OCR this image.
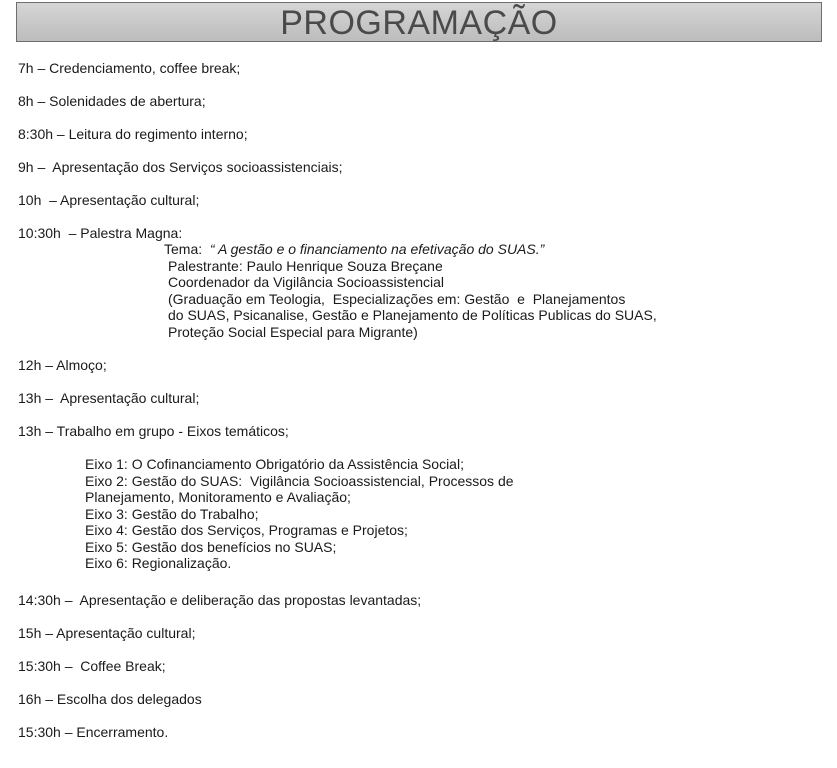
PROGRAMAÇÃO
7h – Credenciamento, coffee break;
8h – Solenidades de abertura;
8:30h – Leitura do regimento interno;
9h –  Apresentação dos Serviços socioassistenciais;
10h  – Apresentação cultural;
10:30h  – Palestra Magna:
Tema:  “ A gestão e o financiamento na efetivação do SUAS.”
Palestrante: Paulo Henrique Souza Breçane
Coordenador da Vigilância Socioassistencial
(Graduação em Teologia,  Especializações em: Gestão  e  Planejamentos
do SUAS, Psicanalise, Gestão e Planejamento de Políticas Publicas do SUAS,
Proteção Social Especial para Migrante)
12h – Almoço;
13h –  Apresentação cultural;
13h – Trabalho em grupo - Eixos temáticos;
Eixo 1: O Cofinanciamento Obrigatório da Assistência Social;
Eixo 2: Gestão do SUAS:  Vigilância Socioassistencial, Processos de
Planejamento, Monitoramento e Avaliação;
Eixo 3: Gestão do Trabalho;
Eixo 4: Gestão dos Serviços, Programas e Projetos;
Eixo 5: Gestão dos benefícios no SUAS;
Eixo 6: Regionalização.
14:30h –  Apresentação e deliberação das propostas levantadas;
15h – Apresentação cultural;
15:30h –  Coffee Break;
16h – Escolha dos delegados
15:30h – Encerramento.
